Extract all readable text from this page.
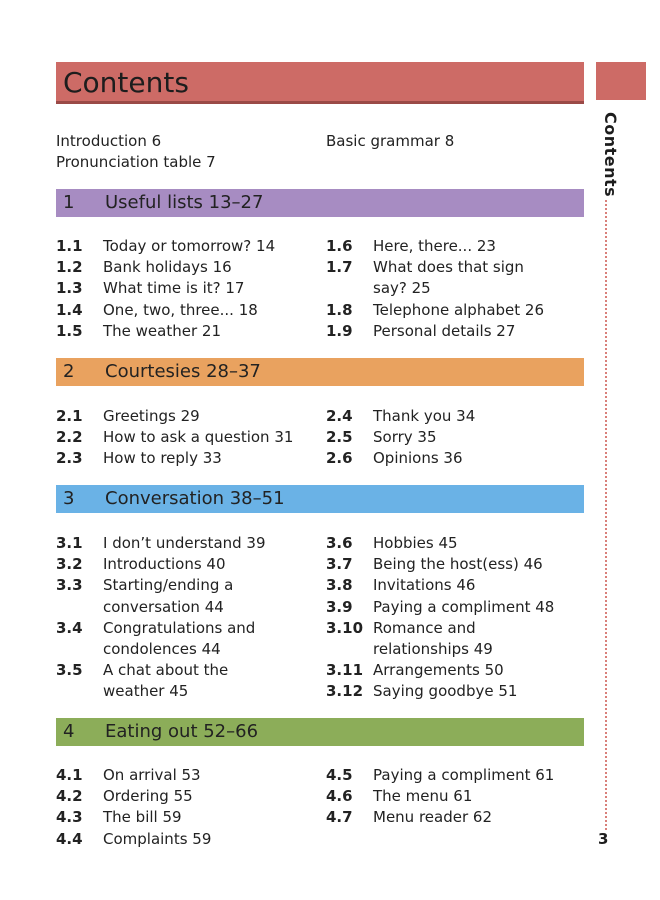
Contents
Contents
3
Introduction 6
Pronunciation table 7
Basic grammar 8
1 Useful lists 13–27
1.1	Today or tomorrow? 14
1.2	Bank holidays 16
1.3	What time is it? 17
1.4	One, two, three... 18
1.5	The weather 21
1.6	Here, there... 23
1.7	What does that sign
say? 25
1.8	Telephone alphabet 26
1.9	Personal details 27
2 Courtesies 28–37
2.1	Greetings 29
2.2	How to ask a question 31
2.3	How to reply 33
2.4	Thank you 34
2.5	Sorry 35
2.6	Opinions 36
3 Conversation 38–51
3.1	I don’t understand 39
3.2	Introductions 40
3.3	Starting/ending a
conversation 44
3.4	Congratulations and
condolences 44
3.5	A chat about the
weather 45
3.6	Hobbies 45
3.7	Being the host(ess) 46
3.8	Invitations 46
3.9	Paying a compliment 48
3.10 Romance and
relationships 49
3.11 Arrangements 50
3.12 Saying goodbye 51
4 Eating out 52–66
4.1	On arrival 53
4.2	Ordering 55
4.3	The bill 59
4.4	Complaints 59
4.5	Paying a compliment 61
4.6	The menu 61
4.7	Menu reader 62
